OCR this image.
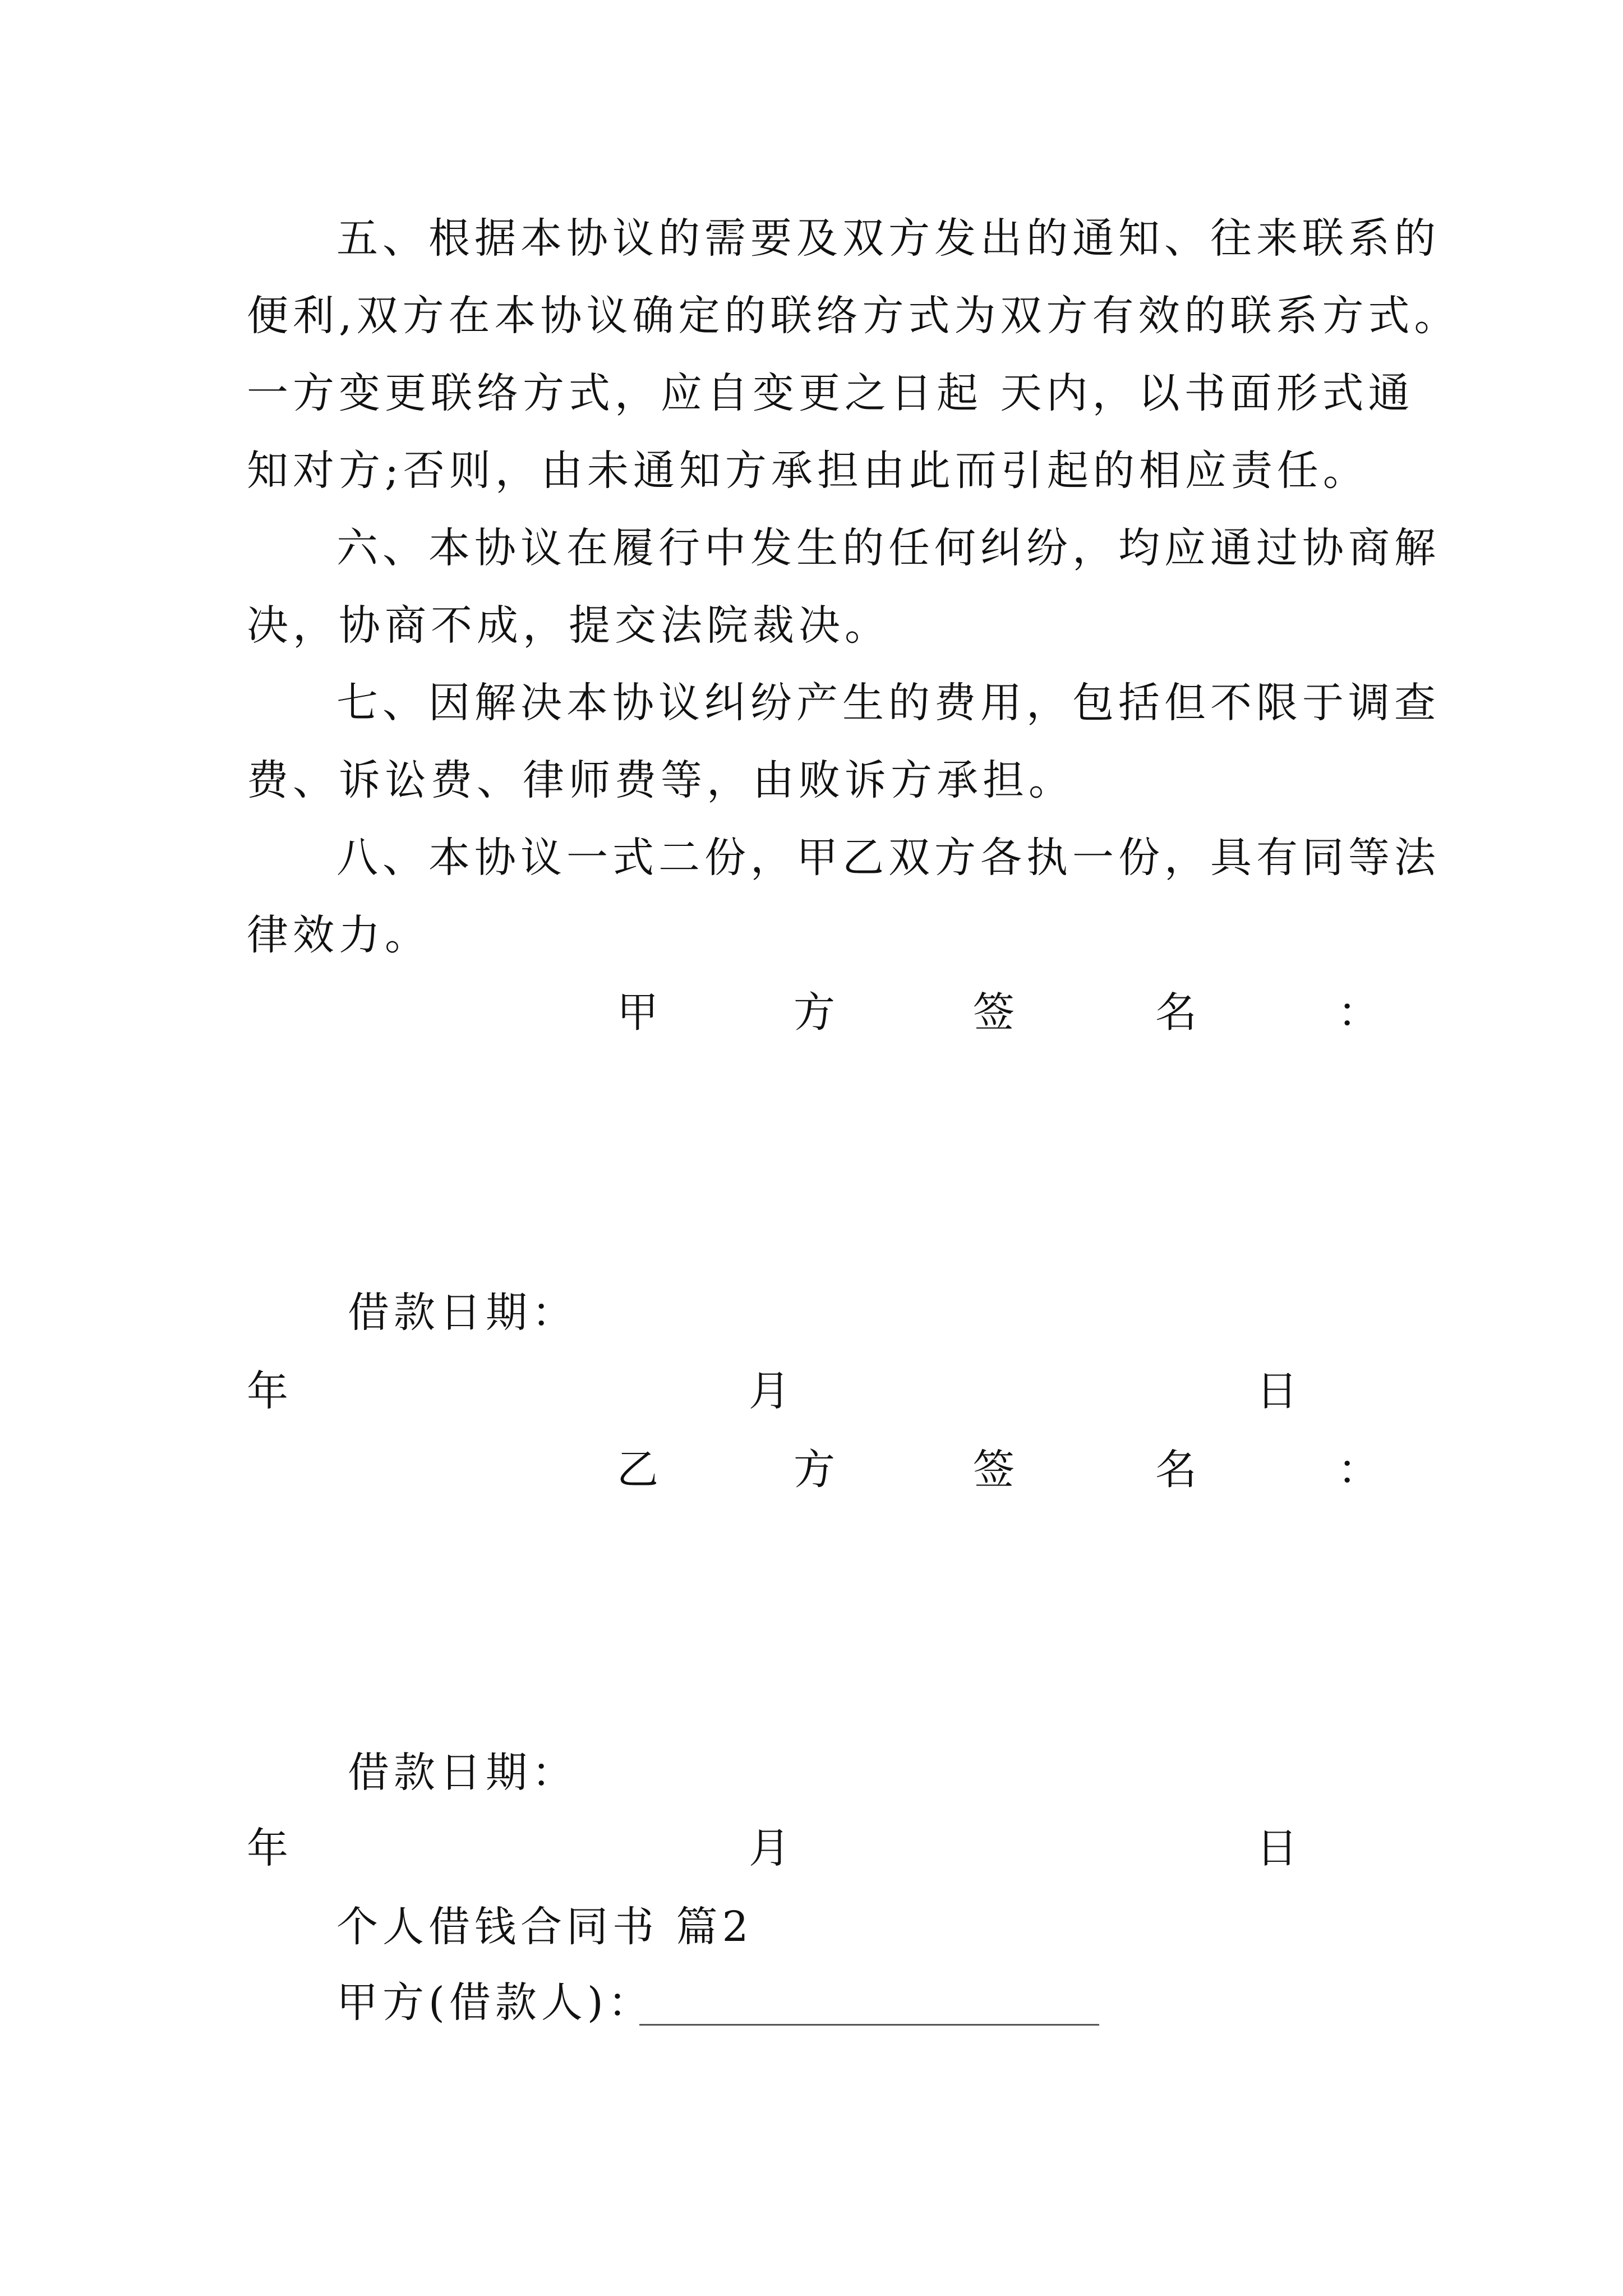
五、根据本协议的需要及双方发出的通知、往来联系的
便利,双方在本协议确定的联络方式为双方有效的联系方式。
一方变更联络方式，应自变更之日起 天内，以书面形式通
知对方;否则，由未通知方承担由此而引起的相应责任。
六、本协议在履行中发生的任何纠纷，均应通过协商解
决，协商不成，提交法院裁决。
七、因解决本协议纠纷产生的费用，包括但不限于调查
费、诉讼费、律师费等，由败诉方承担。
八、本协议一式二份，甲乙双方各执一份，具有同等法
律效力。
甲	方	签	名	：
借款日期：
年	月	日
乙	方	签	名	：
借款日期：
年	月	日
个人借钱合同书 篇2
甲方(借款人)：
